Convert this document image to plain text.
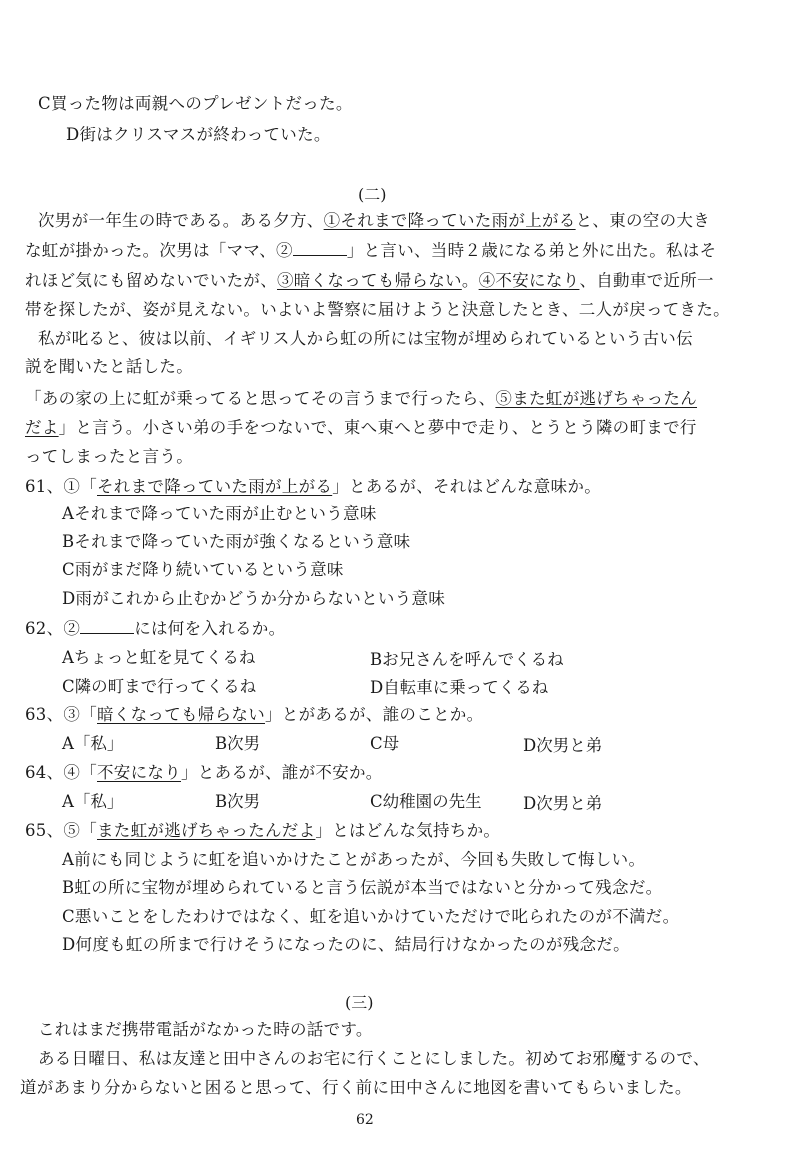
C買った物は両親へのプレゼントだった。
D街はクリスマスが終わっていた。
(二)
次男が一年生の時である。ある夕方、①それまで降っていた雨が上がると、東の空の大き
な虹が掛かった。次男は「ママ、②	」と言い、当時２歳になる弟と外に出た。私はそ
れほど気にも留めないでいたが、③暗くなっても帰らない。④不安になり、自動車で近所一
帯を探したが、姿が見えない。いよいよ警察に届けようと決意したとき、二人が戻ってきた。
私が叱ると、彼は以前、イギリス人から虹の所には宝物が埋められているという古い伝
説を聞いたと話した。
「あの家の上に虹が乗ってると思ってその言うまで行ったら、⑤また虹が逃げちゃったん
だよ」と言う。小さい弟の手をつないで、東へ東へと夢中で走り、とうとう隣の町まで行
ってしまったと言う。
61、①「それまで降っていた雨が上がる」とあるが、それはどんな意味か。
Aそれまで降っていた雨が止むという意味
Bそれまで降っていた雨が強くなるという意味
C雨がまだ降り続いているという意味
D雨がこれから止むかどうか分からないという意味
62、②	には何を入れるか。
Aちょっと虹を見てくるね	Bお兄さんを呼んでくるね
C隣の町まで行ってくるね	D自転車に乗ってくるね
63、③「暗くなっても帰らない」とがあるが、誰のことか。
A「私」	B次男	C母	D次男と弟
64、④「不安になり」とあるが、誰が不安か。
A「私」	B次男	C幼稚園の先生	D次男と弟
65、⑤「また虹が逃げちゃったんだよ」とはどんな気持ちか。
A前にも同じように虹を追いかけたことがあったが、今回も失敗して悔しい。
B虹の所に宝物が埋められていると言う伝説が本当ではないと分かって残念だ。
C悪いことをしたわけではなく、虹を追いかけていただけで叱られたのが不満だ。
D何度も虹の所まで行けそうになったのに、結局行けなかったのが残念だ。
(三)
これはまだ携帯電話がなかった時の話です。
ある日曜日、私は友達と田中さんのお宅に行くことにしました。初めてお邪魔するので、
道があまり分からないと困ると思って、行く前に田中さんに地図を書いてもらいました。
62
